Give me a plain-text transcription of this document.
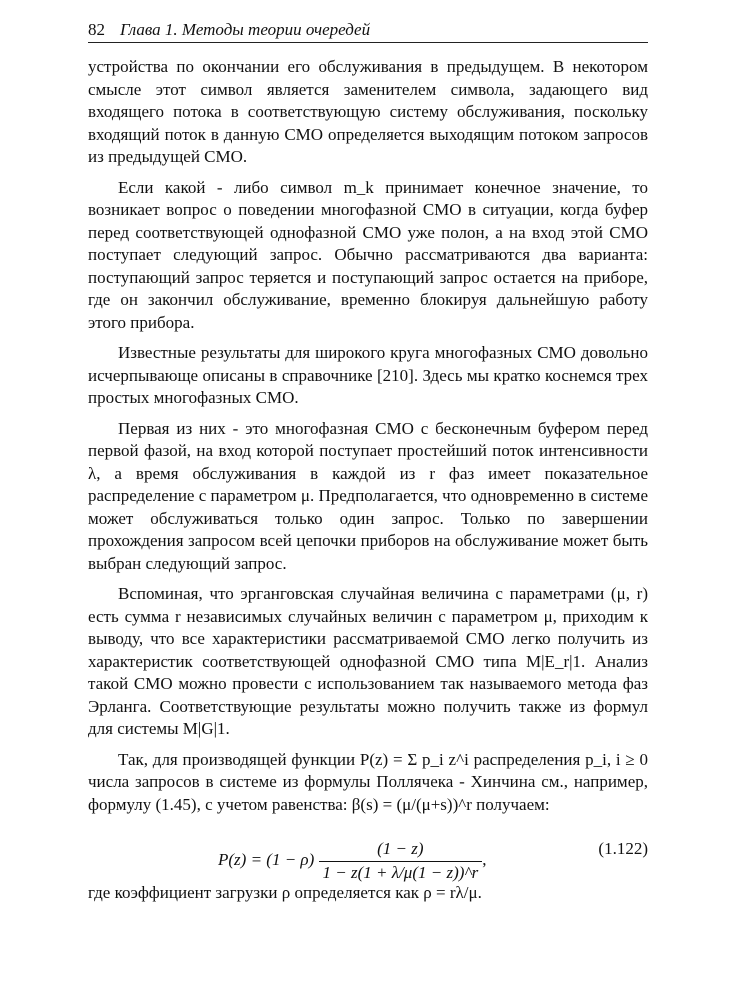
82 Глава 1. Методы теории очередей

устройства по окончании его обслуживания в предыдущем. В некотором смысле этот символ является заменителем символа, задающего вид входящего потока в соответствующую систему обслуживания, поскольку входящий поток в данную СМО определяется выходящим потоком запросов из предыдущей СМО.

Если какой - либо символ m_k принимает конечное значение, то возникает вопрос о поведении многофазной СМО в ситуации, когда буфер перед соответствующей однофазной СМО уже полон, а на вход этой СМО поступает следующий запрос. Обычно рассматриваются два варианта: поступающий запрос теряется и поступающий запрос остается на приборе, где он закончил обслуживание, временно блокируя дальнейшую работу этого прибора.

Известные результаты для широкого круга многофазных СМО довольно исчерпывающе описаны в справочнике [210]. Здесь мы кратко коснемся трех простых многофазных СМО.

Первая из них - это многофазная СМО с бесконечным буфером перед первой фазой, на вход которой поступает простейший поток интенсивности λ, а время обслуживания в каждой из r фаз имеет показательное распределение с параметром μ. Предполагается, что одновременно в системе может обслуживаться только один запрос. Только по завершении прохождения запросом всей цепочки приборов на обслуживание может быть выбран следующий запрос.

Вспоминая, что эрганговская случайная величина с параметрами (μ, r) есть сумма r независимых случайных величин с параметром μ, приходим к выводу, что все характеристики рассматриваемой СМО легко получить из характеристик соответствующей однофазной СМО типа M|E_r|1. Анализ такой СМО можно провести с использованием так называемого метода фаз Эрланга. Соответствующие результаты можно получить также из формул для системы M|G|1.

Так, для производящей функции P(z) = Σ p_i z^i распределения p_i, i ≥ 0 числа запросов в системе из формулы Поллячека - Хинчина см., например, формулу (1.45), с учетом равенства: β(s) = (μ/(μ+s))^r получаем:

$P(z) = (1 - \rho) \frac{(1 - z)}{1 - z(1 + \lambda/\mu(1 - z))\^{}r}$ ,
(1.122)

где коэффициент загрузки ρ определяется как ρ = rλ/μ.
